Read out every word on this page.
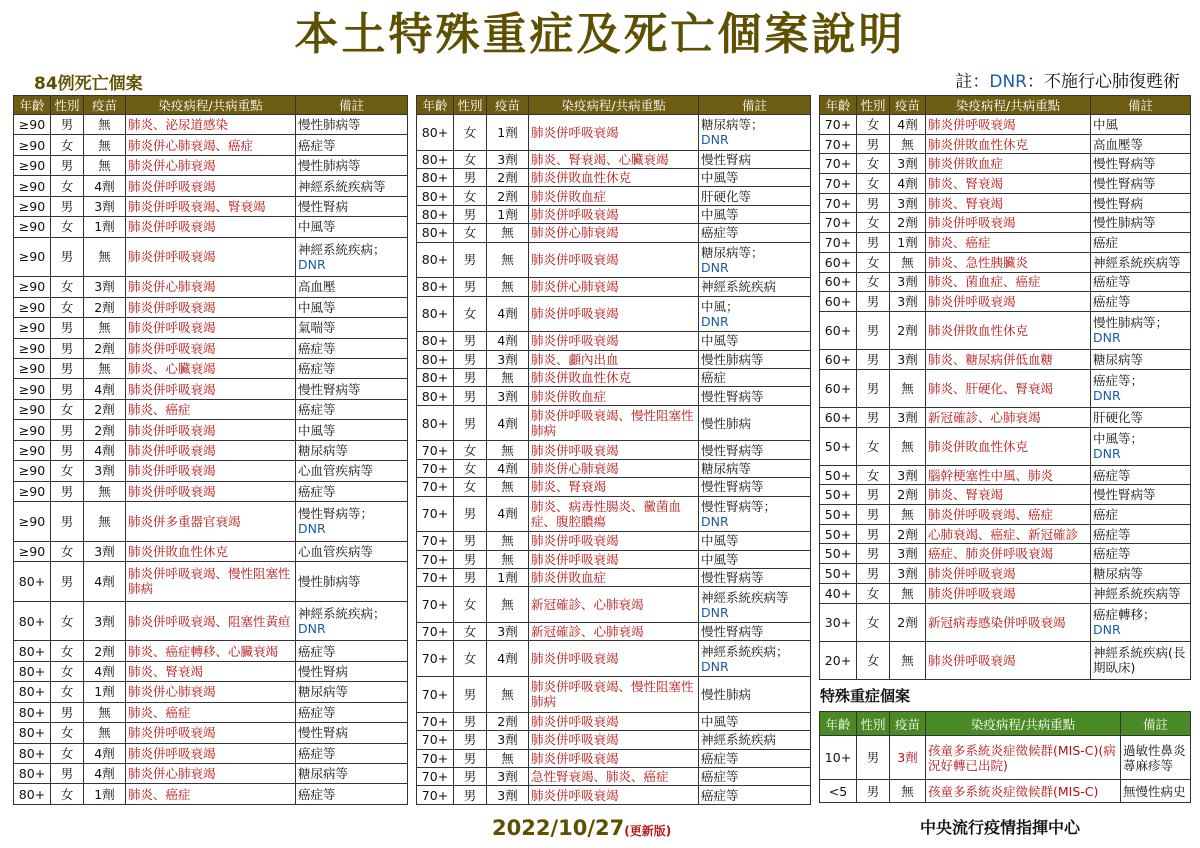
本土特殊重症及死亡個案說明
84例死亡個案	註：DNR：不施行心肺復甦術
年齡	性別	疫苗	染疫病程/共病重點	備註
≥90	男	無	肺炎、泌尿道感染	慢性肺病等
≥90	女	無	肺炎併心肺衰竭、癌症	癌症等
≥90	男	無	肺炎併心肺衰竭	慢性肺病等
≥90	女	4劑	肺炎併呼吸衰竭	神經系統疾病等
≥90	男	3劑	肺炎併呼吸衰竭、腎衰竭	慢性腎病
≥90	女	1劑	肺炎併呼吸衰竭	中風等
≥90	男	無	肺炎併呼吸衰竭	神經系統疾病；
DNR
≥90	女	3劑	肺炎併心肺衰竭	高血壓
≥90	女	2劑	肺炎併呼吸衰竭	中風等
≥90	男	無	肺炎併呼吸衰竭	氣喘等
≥90	男	2劑	肺炎併呼吸衰竭	癌症等
≥90	男	無	肺炎、心臟衰竭	癌症等
≥90	男	4劑	肺炎併呼吸衰竭	慢性腎病等
≥90	女	2劑	肺炎、癌症	癌症等
≥90	男	2劑	肺炎併呼吸衰竭	中風等
≥90	男	4劑	肺炎併呼吸衰竭	糖尿病等
≥90	女	3劑	肺炎併呼吸衰竭	心血管疾病等
≥90	男	無	肺炎併呼吸衰竭	癌症等
≥90	男	無	肺炎併多重器官衰竭	慢性腎病等；
DNR
≥90	女	3劑	肺炎併敗血性休克	心血管疾病等
80+	男	4劑	肺炎併呼吸衰竭、慢性阻塞性肺病	慢性肺病等
80+	女	3劑	肺炎併呼吸衰竭、阻塞性黃疸	神經系統疾病；
DNR
80+	女	2劑	肺炎、癌症轉移、心臟衰竭	癌症等
80+	女	4劑	肺炎、腎衰竭	慢性腎病
80+	女	1劑	肺炎併心肺衰竭	糖尿病等
80+	男	無	肺炎、癌症	癌症等
80+	女	無	肺炎併呼吸衰竭	慢性腎病
80+	女	4劑	肺炎併呼吸衰竭	癌症等
80+	男	4劑	肺炎併心肺衰竭	糖尿病等
80+	女	1劑	肺炎、癌症	癌症等
年齡	性別	疫苗	染疫病程/共病重點	備註
80+	女	1劑	肺炎併呼吸衰竭	糖尿病等；
DNR
80+	女	3劑	肺炎、腎衰竭、心臟衰竭	慢性腎病
80+	男	2劑	肺炎併敗血性休克	中風等
80+	女	2劑	肺炎併敗血症	肝硬化等
80+	男	1劑	肺炎併呼吸衰竭	中風等
80+	女	無	肺炎併心肺衰竭	癌症等
80+	男	無	肺炎併呼吸衰竭	糖尿病等；
DNR
80+	男	無	肺炎併心肺衰竭	神經系統疾病
80+	女	4劑	肺炎併呼吸衰竭	中風；
DNR
80+	男	4劑	肺炎併呼吸衰竭	中風等
80+	男	3劑	肺炎、顱內出血	慢性肺病等
80+	男	無	肺炎併敗血性休克	癌症
80+	男	3劑	肺炎併敗血症	慢性腎病等
80+	男	4劑	肺炎併呼吸衰竭、慢性阻塞性肺病	慢性肺病
70+	女	無	肺炎併呼吸衰竭	慢性腎病等
70+	女	4劑	肺炎併心肺衰竭	糖尿病等
70+	女	無	肺炎、腎衰竭	慢性腎病等
70+	男	4劑	肺炎、病毒性腸炎、黴菌血症、腹腔膿瘍	慢性腎病等；
DNR
70+	男	無	肺炎併呼吸衰竭	中風等
70+	男	無	肺炎併呼吸衰竭	中風等
70+	男	1劑	肺炎併敗血症	慢性腎病等
70+	女	無	新冠確診、心肺衰竭	神經系統疾病等
DNR
70+	女	3劑	新冠確診、心肺衰竭	慢性腎病等
70+	女	4劑	肺炎併呼吸衰竭	神經系統疾病；
DNR
70+	男	無	肺炎併呼吸衰竭、慢性阻塞性肺病	慢性肺病
70+	男	2劑	肺炎併呼吸衰竭	中風等
70+	男	3劑	肺炎併呼吸衰竭	神經系統疾病
70+	男	無	肺炎併呼吸衰竭	癌症等
70+	男	3劑	急性腎衰竭、肺炎、癌症	癌症等
70+	男	3劑	肺炎併呼吸衰竭	癌症等
年齡	性別	疫苗	染疫病程/共病重點	備註
70+	女	4劑	肺炎併呼吸衰竭	中風
70+	男	無	肺炎併敗血性休克	高血壓等
70+	女	3劑	肺炎併敗血症	慢性腎病等
70+	女	4劑	肺炎、腎衰竭	慢性腎病等
70+	男	3劑	肺炎、腎衰竭	慢性腎病
70+	女	2劑	肺炎併呼吸衰竭	慢性肺病等
70+	男	1劑	肺炎、癌症	癌症
60+	女	無	肺炎、急性胰臟炎	神經系統疾病等
60+	女	3劑	肺炎、菌血症、癌症	癌症等
60+	男	3劑	肺炎併呼吸衰竭	癌症等
60+	男	2劑	肺炎併敗血性休克	慢性肺病等；
DNR
60+	男	3劑	肺炎、糖尿病併低血糖	糖尿病等
60+	男	無	肺炎、肝硬化、腎衰竭	癌症等；
DNR
60+	男	3劑	新冠確診、心肺衰竭	肝硬化等
50+	女	無	肺炎併敗血性休克	中風等；
DNR
50+	女	3劑	腦幹梗塞性中風、肺炎	癌症等
50+	男	2劑	肺炎、腎衰竭	慢性腎病等
50+	男	無	肺炎併呼吸衰竭、癌症	癌症
50+	男	2劑	心肺衰竭、癌症、新冠確診	癌症等
50+	男	3劑	癌症、肺炎併呼吸衰竭	癌症等
50+	男	3劑	肺炎併呼吸衰竭	糖尿病等
40+	女	無	肺炎併呼吸衰竭	神經系統疾病等
30+	女	2劑	新冠病毒感染併呼吸衰竭	癌症轉移；
DNR
20+	女	無	肺炎併呼吸衰竭	神經系統疾病(長期臥床)
特殊重症個案
年齡	性別	疫苗	染疫病程/共病重點	備註
10+	男	3劑	孩童多系統炎症徵候群(MIS-C)(病況好轉已出院)	過敏性鼻炎蕁麻疹等
<5	男	無	孩童多系統炎症徵候群(MIS-C)	無慢性病史
2022/10/27(更新版)	中央流行疫情指揮中心
